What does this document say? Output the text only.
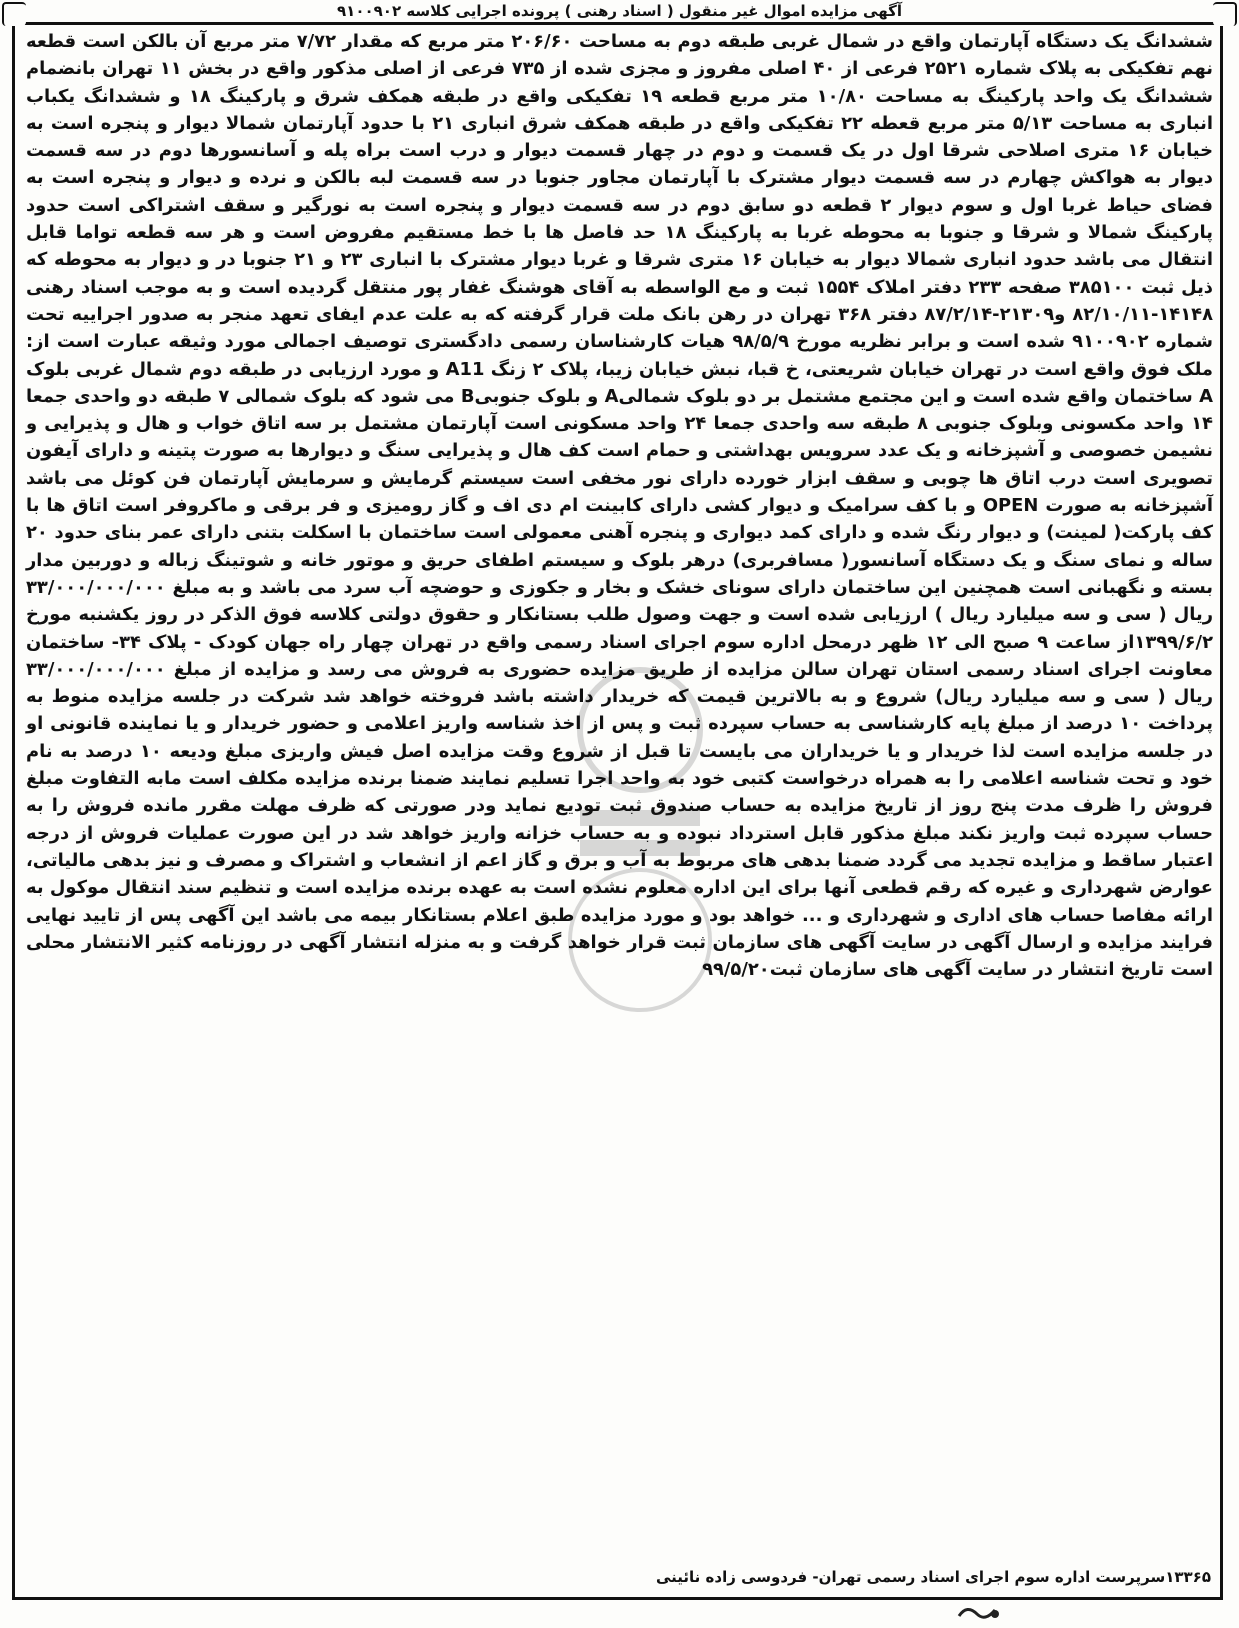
آگهی مزایده اموال غیر منقول ( اسناد رهنی ) پرونده اجرایی کلاسه ۹۱۰۰۹۰۲
ششدانگ یک دستگاه آپارتمان واقع در شمال غربی طبقه دوم به مساحت ۲۰۶/۶۰ متر مربع که مقدار ۷/۷۲ متر مربع آن بالکن است قطعه نهم تفکیکی به پلاک شماره ۲۵۲۱ فرعی از ۴۰ اصلی مفروز و مجزی شده از ۷۳۵ فرعی از اصلی مذکور واقع در بخش ۱۱ تهران بانضمام ششدانگ یک واحد پارکینگ به مساحت ۱۰/۸۰ متر مربع قطعه ۱۹ تفکیکی واقع در طبقه همکف شرق و پارکینگ ۱۸ و ششدانگ یکباب انباری به مساحت ۵/۱۳ متر مربع قعطه ۲۲ تفکیکی واقع در طبقه همکف شرق انباری ۲۱ با حدود آپارتمان شمالا دیوار و پنجره است به خیابان ۱۶ متری اصلاحی شرقا اول در یک قسمت و دوم در چهار قسمت دیوار و درب است براه پله و آسانسورها دوم در سه قسمت دیوار به هواکش چهارم در سه قسمت دیوار مشترک با آپارتمان مجاور جنوبا در سه قسمت لبه بالکن و نرده و دیوار و پنجره است به فضای حیاط غربا اول و سوم دیوار ۲ قطعه دو سابق دوم در سه قسمت دیوار و پنجره است به نورگیر و سقف اشتراکی است حدود پارکینگ شمالا و شرقا و جنوبا به محوطه غربا به پارکینگ ۱۸ حد فاصل ها با خط مستقیم مفروض است و هر سه قطعه تواما قابل انتقال می باشد حدود انباری شمالا دیوار به خیابان ۱۶ متری شرقا و غربا دیوار مشترک با انباری ۲۳ و ۲۱ جنوبا در و دیوار به محوطه که ذیل ثبت ۳۸۵۱۰۰ صفحه ۲۳۳ دفتر املاک ۱۵۵۴ ثبت و مع الواسطه به آقای هوشنگ غفار پور منتقل گردیده است و به موجب اسناد رهنی ۱۴۱۴۸-۸۲/۱۰/۱۱ و۲۱۳۰۹-۸۷/۲/۱۴ دفتر ۳۶۸ تهران در رهن بانک ملت قرار گرفته که به علت عدم ایفای تعهد منجر به صدور اجراییه تحت شماره ۹۱۰۰۹۰۲ شده است و برابر نظریه مورخ ۹۸/۵/۹ هیات کارشناسان رسمی دادگستری توصیف اجمالی مورد وثیقه عبارت است از: ملک فوق واقع است در تهران خیابان شریعتی، خ قبا، نبش خیابان زیبا، پلاک ۲ زنگ A11 و مورد ارزیابی در طبقه دوم شمال غربی بلوک A ساختمان واقع شده است و این مجتمع مشتمل بر دو بلوک شمالیA و بلوک جنوبیB می شود که بلوک شمالی ۷ طبقه دو واحدی جمعا ۱۴ واحد مکسونی وبلوک جنوبی ۸ طبقه سه واحدی جمعا ۲۴ واحد مسکونی است آپارتمان مشتمل بر سه اتاق خواب و هال و پذیرایی و نشیمن خصوصی و آشپزخانه و یک عدد سرویس بهداشتی و حمام است کف هال و پذیرایی سنگ و دیوارها به صورت پتینه و دارای آیفون تصویری است درب اتاق ها چوبی و سقف ابزار خورده دارای نور مخفی است سیستم گرمایش و سرمایش آپارتمان فن کوئل می باشد آشپزخانه به صورت OPEN و با کف سرامیک و دیوار کشی دارای کابینت ام دی اف و گاز رومیزی و فر برقی و ماکروفر است اتاق ها با کف پارکت( لمینت) و دیوار رنگ شده و دارای کمد دیواری و پنجره آهنی معمولی است ساختمان با اسکلت بتنی دارای عمر بنای حدود ۲۰ ساله و نمای سنگ و یک دستگاه آسانسور( مسافربری) درهر بلوک و سیستم اطفای حریق و موتور خانه و شوتینگ زباله و دوربین مدار بسته و نگهبانی است همچنین این ساختمان دارای سونای خشک و بخار و جکوزی و حوضچه آب سرد می باشد و به مبلغ ۳۳/۰۰۰/۰۰۰/۰۰۰ ریال ( سی و سه میلیارد ریال ) ارزیابی شده است و جهت وصول طلب بستانکار و حقوق دولتی کلاسه فوق الذکر در روز یکشنبه مورخ ۱۳۹۹/۶/۲از ساعت ۹ صبح الی ۱۲ ظهر درمحل اداره سوم اجرای اسناد رسمی واقع در تهران چهار راه جهان کودک - پلاک ۳۴- ساختمان معاونت اجرای اسناد رسمی استان تهران سالن مزایده از طریق مزایده حضوری به فروش می رسد و مزایده از مبلغ ۳۳/۰۰۰/۰۰۰/۰۰۰ ریال ( سی و سه میلیارد ریال) شروع و به بالاترین قیمت که خریدار داشته باشد فروخته خواهد شد شرکت در جلسه مزایده منوط به پرداخت ۱۰ درصد از مبلغ پایه کارشناسی به حساب سپرده ثبت و پس از اخذ شناسه واریز اعلامی و حضور خریدار و یا نماینده قانونی او در جلسه مزایده است لذا خریدار و یا خریداران می بایست تا قبل از شروع وقت مزایده اصل فیش واریزی مبلغ ودیعه ۱۰ درصد به نام خود و تحت شناسه اعلامی را به همراه درخواست کتبی خود به واحد اجرا تسلیم نمایند ضمنا برنده مزایده مکلف است مابه التفاوت مبلغ فروش را ظرف مدت پنج روز از تاریخ مزایده به حساب صندوق ثبت توديع نمايد ودر صورتی که ظرف مهلت مقرر مانده فروش را به حساب سپرده ثبت واریز نکند مبلغ مذکور قابل استرداد نبوده و به حساب خزانه واریز خواهد شد در این صورت عملیات فروش از درجه اعتبار ساقط و مزایده تجدید می گردد ضمنا بدهی های مربوط به آب و برق و گاز اعم از انشعاب و اشتراک و مصرف و نیز بدهی مالیاتی، عوارض شهرداری و غیره که رقم قطعی آنها برای این اداره معلوم نشده است به عهده برنده مزایده است و تنظیم سند انتقال موکول به ارائه مفاصا حساب های اداری و شهرداری و ... خواهد بود و مورد مزایده طبق اعلام بستانکار بیمه می باشد این آگهی پس از تایید نهایی فرایند مزایده و ارسال آگهی در سایت آگهی های سازمان ثبت قرار خواهد گرفت و به منزله انتشار آگهی در روزنامه کثیر الانتشار محلی است تاریخ انتشار در سایت آگهی های سازمان ثبت۹۹/۵/۲۰
۱۳۳۶۵سرپرست اداره سوم اجرای اسناد رسمی تهران- فردوسی زاده نائینی
